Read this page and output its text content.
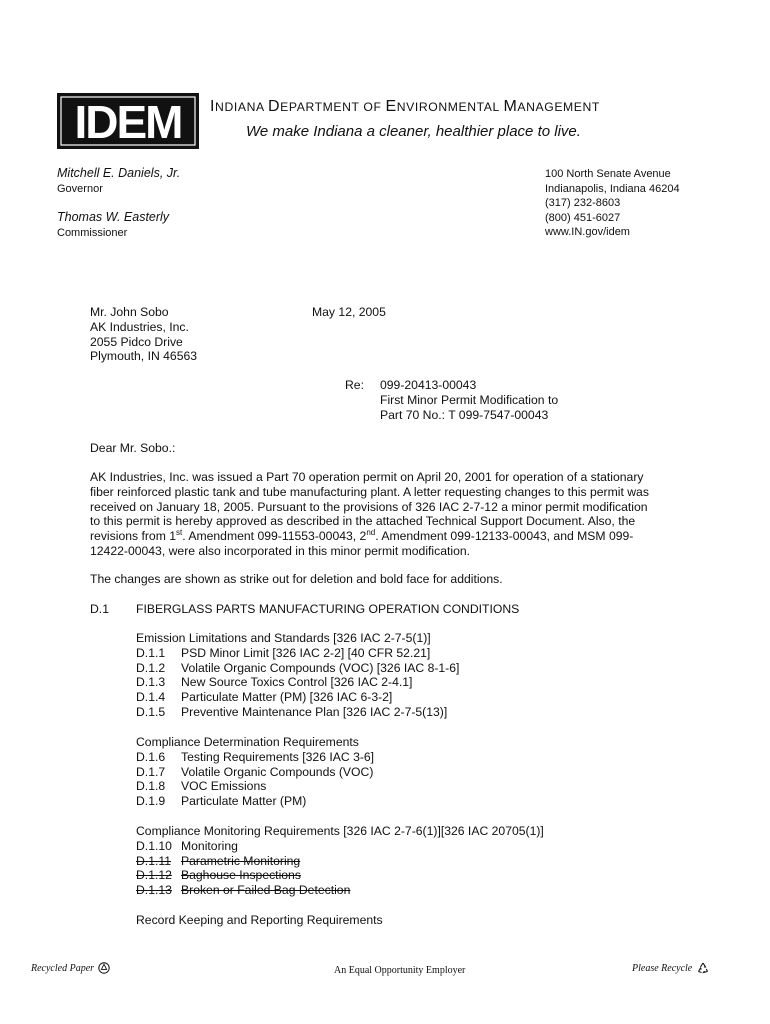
IDEM INDIANA DEPARTMENT OF ENVIRONMENTAL MANAGEMENT
We make Indiana a cleaner, healthier place to live.
Mitchell E. Daniels, Jr.
Governor
Thomas W. Easterly
Commissioner
100 North Senate Avenue
Indianapolis, Indiana 46204
(317) 232-8603
(800) 451-6027
www.IN.gov/idem
Mr. John Sobo
AK Industries, Inc.
2055 Pidco Drive
Plymouth, IN 46563
May 12, 2005
Re: 099-20413-00043
First Minor Permit Modification to
Part 70 No.: T 099-7547-00043
Dear Mr. Sobo.:
AK Industries, Inc. was issued a Part 70 operation permit on April 20, 2001 for operation of a stationary
fiber reinforced plastic tank and tube manufacturing plant. A letter requesting changes to this permit was
received on January 18, 2005. Pursuant to the provisions of 326 IAC 2-7-12 a minor permit modification
to this permit is hereby approved as described in the attached Technical Support Document. Also, the
revisions from 1st. Amendment 099-11553-00043, 2nd. Amendment 099-12133-00043, and MSM 099-
12422-00043, were also incorporated in this minor permit modification.
The changes are shown as strike out for deletion and bold face for additions.
D.1 FIBERGLASS PARTS MANUFACTURING OPERATION CONDITIONS
Emission Limitations and Standards [326 IAC 2-7-5(1)]
D.1.1	PSD Minor Limit [326 IAC 2-2] [40 CFR 52.21]
D.1.2	Volatile Organic Compounds (VOC) [326 IAC 8-1-6]
D.1.3	New Source Toxics Control [326 IAC 2-4.1]
D.1.4	Particulate Matter (PM) [326 IAC 6-3-2]
D.1.5	Preventive Maintenance Plan [326 IAC 2-7-5(13)]
Compliance Determination Requirements
D.1.6	Testing Requirements [326 IAC 3-6]
D.1.7	Volatile Organic Compounds (VOC)
D.1.8	VOC Emissions
D.1.9	Particulate Matter (PM)
Compliance Monitoring Requirements [326 IAC 2-7-6(1)][326 IAC 20705(1)]
D.1.10 Monitoring
D.1.11 Parametric Monitoring
D.1.12 Baghouse Inspections
D.1.13 Broken or Failed Bag Detection
Record Keeping and Reporting Requirements
Recycled Paper	An Equal Opportunity Employer	Please Recycle
